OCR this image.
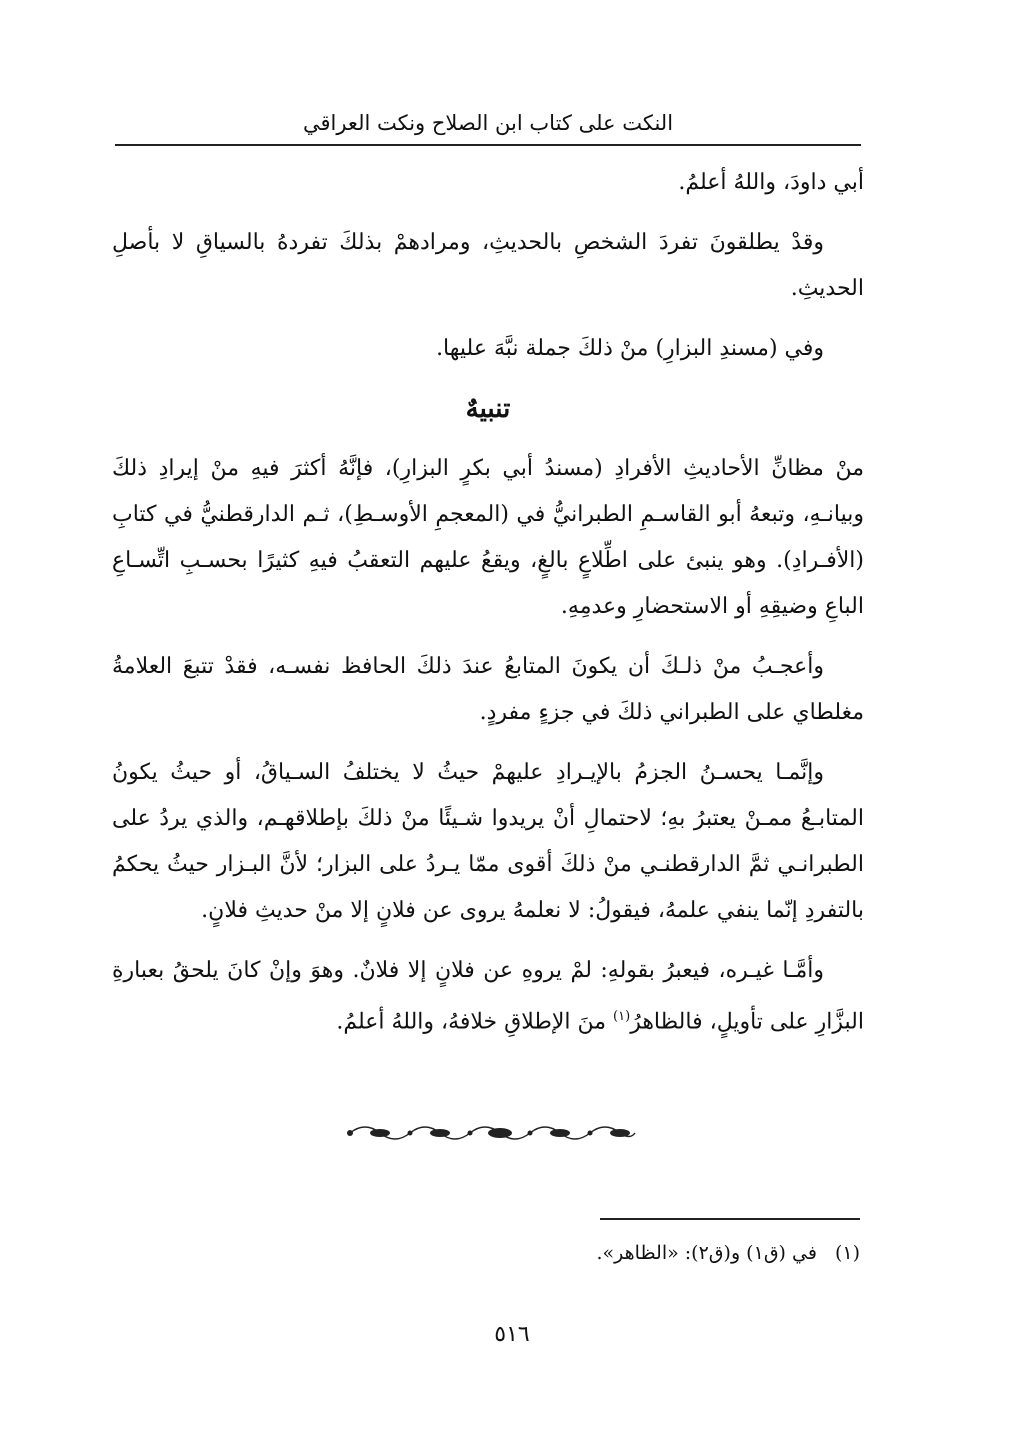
النكت على كتاب ابن الصلاح ونكت العراقي

أبي داودَ، واللهُ أعلمُ.

وقدْ يطلقونَ تفردَ الشخصِ بالحديثِ، ومرادهمْ بذلكَ تفردهُ بالسياقِ لا بأصلِ الحديثِ.

وفي (مسندِ البزارِ) منْ ذلكَ جملة نبَّهَ عليها.

تنبيهٌ

منْ مظانِّ الأحاديثِ الأفرادِ (مسندُ أبي بكرٍ البزارِ)، فإنَّهُ أكثرَ فيهِ منْ إيرادِ ذلكَ وبيانـهِ، وتبعهُ أبو القاسـمِ الطبرانيُّ في (المعجمِ الأوسـطِ)، ثـم الدارقطنيُّ في كتابِ (الأفـرادِ). وهو ينبئ على اطِّلاعٍ بالغٍ، ويقعُ عليهم التعقبُ فيهِ كثيرًا بحسـبِ اتِّسـاعِ الباعِ وضيقِهِ أو الاستحضارِ وعدمِهِ.

وأعجـبُ منْ ذلـكَ أن يكونَ المتابعُ عندَ ذلكَ الحافظ نفسـه، فقدْ تتبعَ العلامةُ مغلطاي على الطبراني ذلكَ في جزءٍ مفردٍ.

وإنَّمـا يحسـنُ الجزمُ بالإيـرادِ عليهمْ حيثُ لا يختلفُ السـياقُ، أو حيثُ يكونُ المتابـعُ ممـنْ يعتبرُ بهِ؛ لاحتمالِ أنْ يريدوا شـيئًا منْ ذلكَ بإطلاقهـم، والذي يردُ على الطبرانـي ثمَّ الدارقطنـي منْ ذلكَ أقوى ممّا يـردُ على البزار؛ لأنَّ البـزار حيثُ يحكمُ بالتفردِ إنّما ينفي علمهُ، فيقولُ: لا نعلمهُ يروى عن فلانٍ إلا منْ حديثِ فلانٍ.

وأمَّـا غيـره، فيعبرُ بقولهِ: لمْ يروهِ عن فلانٍ إلا فلانٌ. وهوَ وإنْ كانَ يلحقُ بعبارةِ البزَّارِ على تأويلٍ، فالظاهرُ$^{(١)}$ منَ الإطلاقِ خلافهُ، واللهُ أعلمُ.

(١)في (ق١) و(ق٢): «الظاهر».
٥١٦
